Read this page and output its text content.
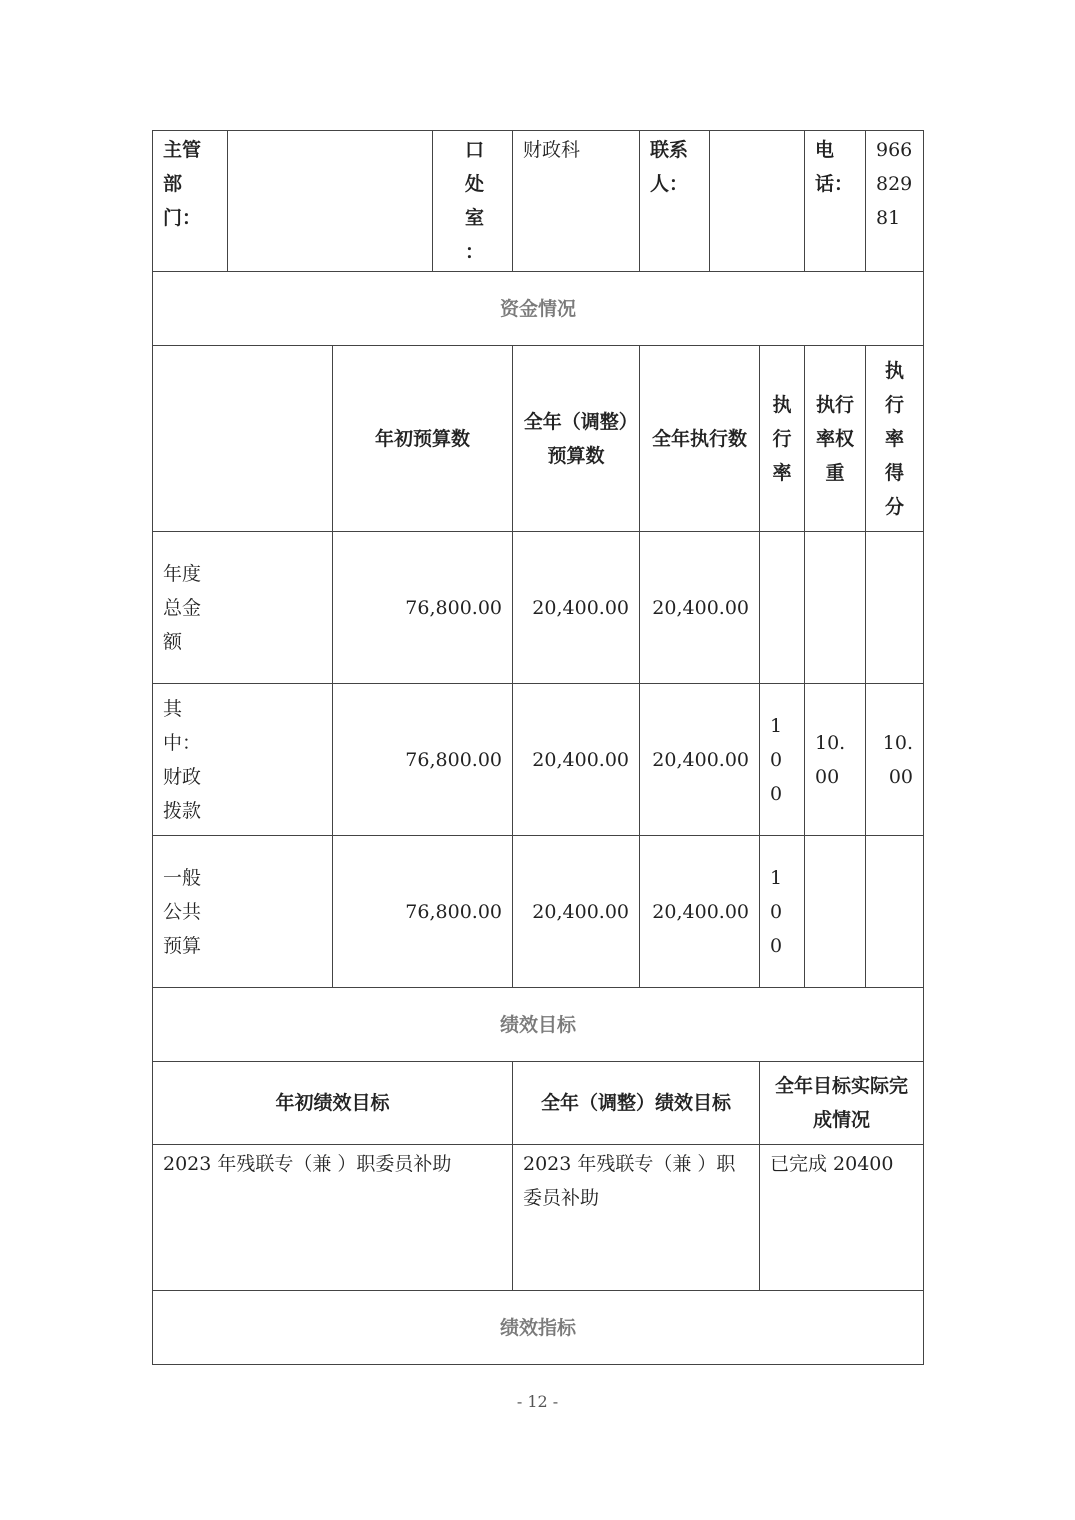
主管部门：			口处室：	财政科	联系人：			电话：	96682981

资金情况									

		年初预算数		全年（调整）预算数	全年执行数		执行率	执行率权重	执行率得分

年度总金额		76,800.00		20,400.00	20,400.00				

其中：财政拨款		76,800.00		20,400.00	20,400.00		100	10.00	10.00

一般公共预算		76,800.00		20,400.00	20,400.00		100		

绩效目标									

年初绩效目标				全年（调整）绩效目标			全年目标实际完成情况		

2023 年残联专（兼 ）职委员补助				2023 年残联专（兼 ）职委员补助			已完成 20400		

绩效指标									
- 12 -
